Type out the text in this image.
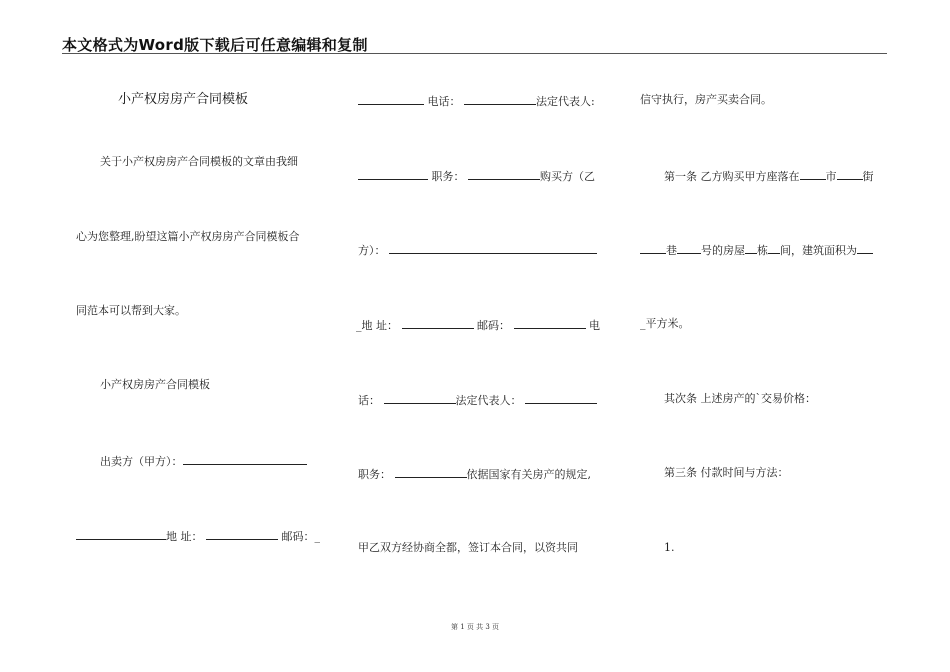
本文格式为Word版下载后可任意编辑和复制
小产权房房产合同模板
关于小产权房房产合同模板的文章由我细
心为您整理,盼望这篇小产权房房产合同模板合
同范本可以帮到大家。
小产权房房产合同模板
出卖方（甲方）：
地 址：	邮码：_
电话：	法定代表人:
职务：	购买方（乙
方）：
_地 址：	邮码：	电
话：	法定代表人：
职务：	依据国家有关房产的规定,
甲乙双方经协商全都，签订本合同，以资共同
信守执行，房产买卖合同。
第一条 乙方购买甲方座落在 市 街
巷 号的房屋 栋 间，建筑面积为
_平方米。
其次条 上述房产的`交易价格：
第三条 付款时间与方法：
1.
第 1 页 共 3 页
